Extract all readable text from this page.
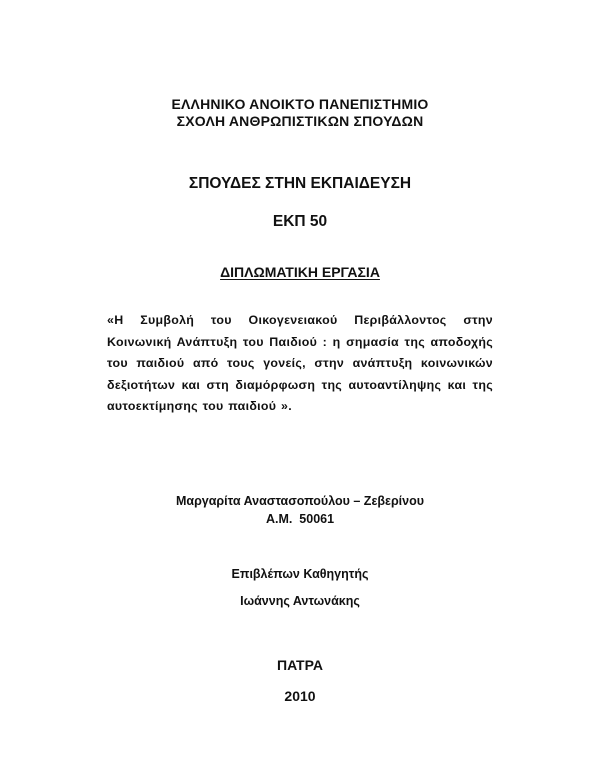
ΕΛΛΗΝΙΚΟ ΑΝΟΙΚΤΟ ΠΑΝΕΠΙΣΤΗΜΙΟ
ΣΧΟΛΗ ΑΝΘΡΩΠΙΣΤΙΚΩΝ ΣΠΟΥΔΩΝ
ΣΠΟΥΔΕΣ ΣΤΗΝ ΕΚΠΑΙΔΕΥΣΗ
ΕΚΠ 50
ΔΙΠΛΩΜΑΤΙΚΗ ΕΡΓΑΣΙΑ
«Η Συμβολή του Οικογενειακού Περιβάλλοντος στην
Κοινωνική Ανάπτυξη του Παιδιού : η σημασία της αποδοχής
του παιδιού από τους γονείς, στην ανάπτυξη κοινωνικών
δεξιοτήτων και στη διαμόρφωση της αυτοαντίληψης και της
αυτοεκτίμησης του παιδιού ».
Μαργαρίτα Αναστασοπούλου – Ζεβερίνου
Α.Μ.  50061
Επιβλέπων Καθηγητής
Ιωάννης Αντωνάκης
ΠΑΤΡΑ
2010
